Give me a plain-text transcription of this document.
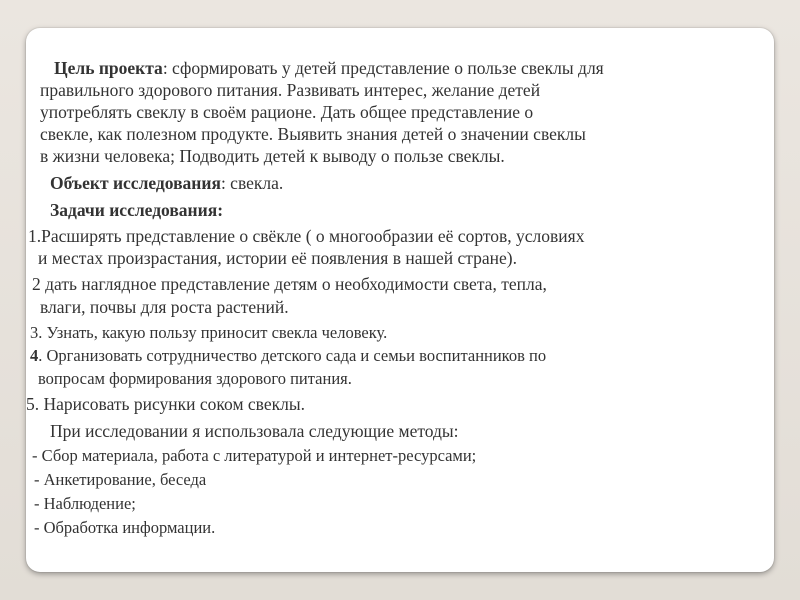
Цель проекта: сформировать у детей представление о пользе свеклы для
правильного здорового питания. Развивать интерес, желание детей
употреблять свеклу в своём рационе. Дать общее представление о
свекле, как полезном продукте. Выявить знания детей о значении свеклы
в жизни человека; Подводить детей к выводу о пользе свеклы.
Объект исследования: свекла.
Задачи исследования:
1.Расширять представление о свёкле ( о многообразии её сортов, условиях
и местах произрастания, истории её появления в нашей стране).
2 дать наглядное представление детям о необходимости света, тепла,
влаги, почвы для роста растений.
3. Узнать, какую пользу приносит свекла человеку.
4. Организовать сотрудничество детского сада и семьи воспитанников по
вопросам формирования здорового питания.
5. Нарисовать рисунки соком свеклы.
При исследовании я использовала следующие методы:
- Сбор материала, работа с литературой и интернет-ресурсами;
- Анкетирование, беседа
- Наблюдение;
- Обработка информации.
